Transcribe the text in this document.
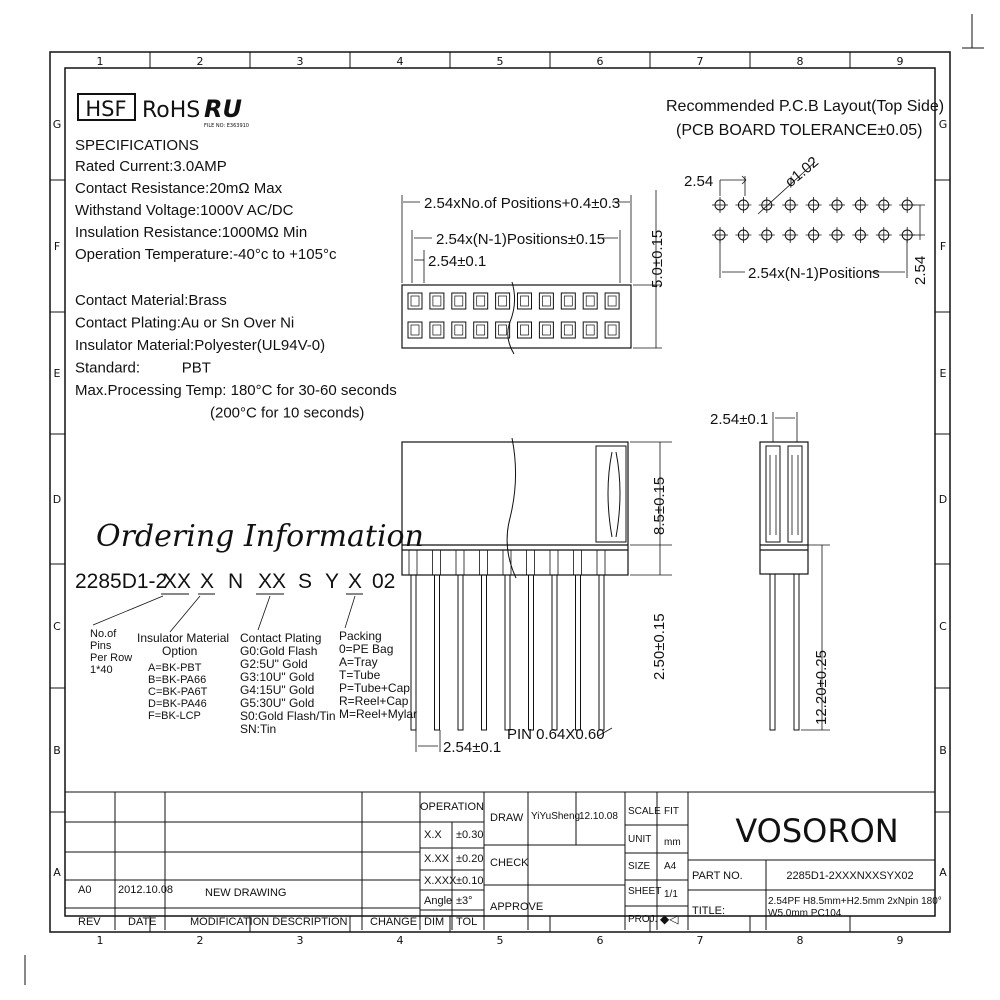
1
1
2
2
3
3
4
4
5
5
6
6
7
7
8
8
9
9
G	G
F	F
E	E
D	D
C	C
B	B
A	A
HSF RoHS RU
FILE NO: E363910
SPECIFICATIONS
Rated Current:3.0AMP
Contact Resistance:20mΩ Max
Withstand Voltage:1000V AC/DC
Insulation Resistance:1000MΩ Min
Operation Temperature:-40°c to +105°c
Contact Material:Brass
Contact Plating:Au or Sn Over Ni
Insulator Material:Polyester(UL94V-0)
Standard:          PBT
Max.Processing Temp: 180°C for 30-60 seconds
(200°C for 10 seconds)
Recommended P.C.B Layout(Top Side)
(PCB BOARD TOLERANCE±0.05)
2.54	ø1.02
2.54x(N-1)Positions 2.54
2.54xNo.of Positions+0.4±0.3
2.54x(N-1)Positions±0.15
2.54±0.1	5.0±0.15
8.5±0.15
2.50±0.15
PIN 0.64X0.60
2.54±0.1
2.54±0.1
12.20±0.25
Ordering Information
2285D1-2
XX X N XX S Y X 02
No.of
Pins
Per Row
1*40
Insulator Material
Option
A=BK-PBT
B=BK-PA66
C=BK-PA6T
D=BK-PA46
F=BK-LCP
Contact Plating
G0:Gold Flash
G2:5U" Gold
G3:10U" Gold
G4:15U" Gold
G5:30U" Gold
S0:Gold Flash/Tin
SN:Tin
Packing
0=PE Bag
A=Tray
T=Tube
P=Tube+Cap
R=Reel+Cap
M=Reel+Mylar
OPERATION
X.X ±0.30
X.XX ±0.20
X.XXX ±0.10
Angle ±3°
DIM TOL
A0 2012.10.08	NEW DRAWING
REV DATE	MODIFICATION DESCRIPTION CHANGE
DRAW YiYuSheng
12.10.08
CHECK
APPROVE
SCALE FIT
UNIT mm
SIZE A4
SHEET 1/1
PROJ. ◆◁
PART NO.	2285D1-2XXXNXXSYX02
TITLE:
2.54PF H8.5mm+H2.5mm 2xNpin 180°
W5.0mm PC104
VOSORON
